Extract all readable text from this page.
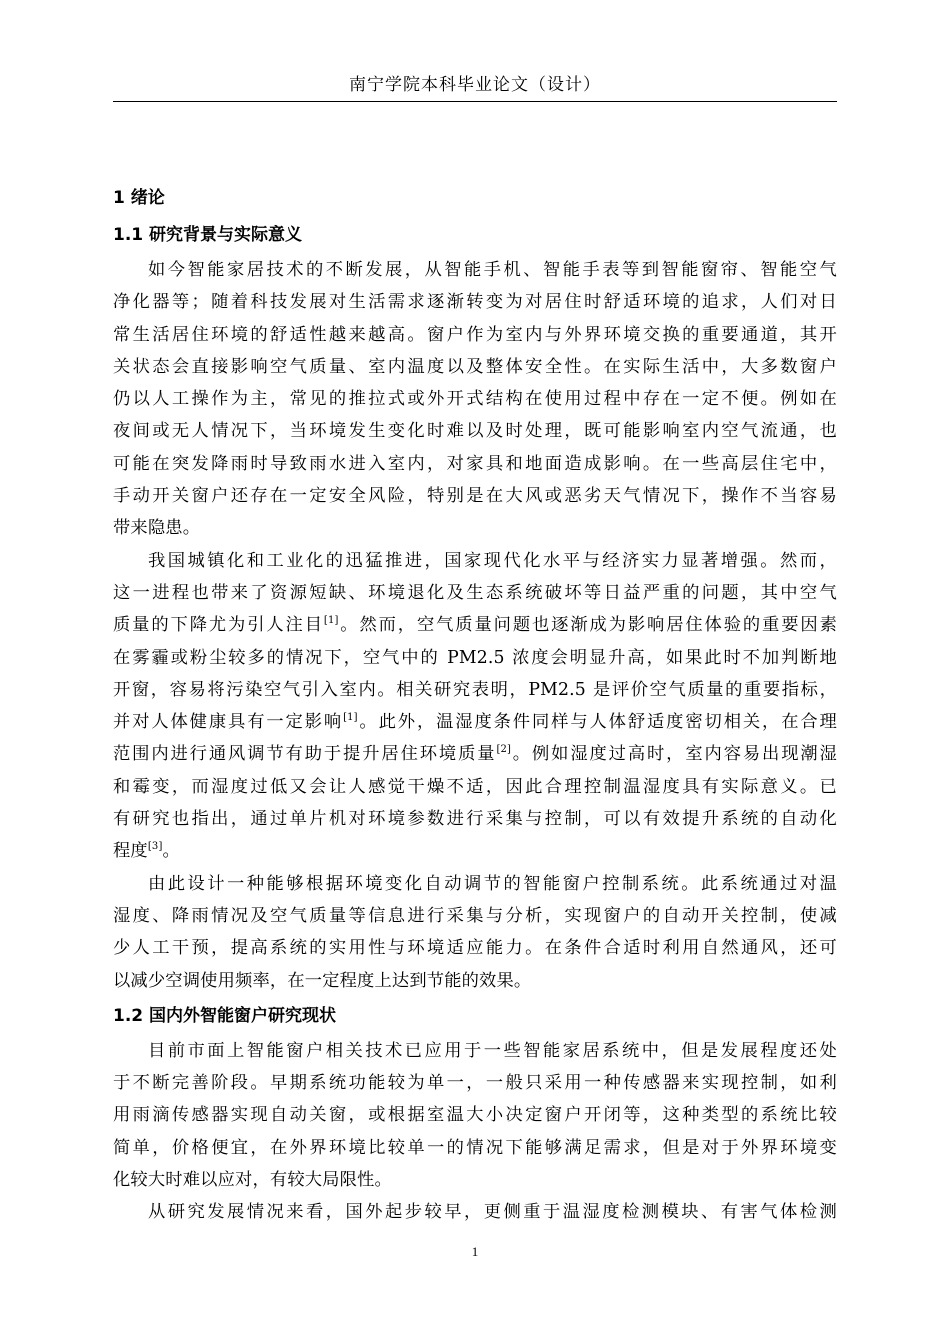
南宁学院本科毕业论文（设计）
1 绪论
1.1 研究背景与实际意义
如今智能家居技术的不断发展，从智能手机、智能手表等到智能窗帘、智能空气
净化器等；随着科技发展对生活需求逐渐转变为对居住时舒适环境的追求，人们对日
常生活居住环境的舒适性越来越高。窗户作为室内与外界环境交换的重要通道，其开
关状态会直接影响空气质量、室内温度以及整体安全性。在实际生活中，大多数窗户
仍以人工操作为主，常见的推拉式或外开式结构在使用过程中存在一定不便。例如在
夜间或无人情况下，当环境发生变化时难以及时处理，既可能影响室内空气流通，也
可能在突发降雨时导致雨水进入室内，对家具和地面造成影响。在一些高层住宅中，
手动开关窗户还存在一定安全风险，特别是在大风或恶劣天气情况下，操作不当容易
带来隐患。
我国城镇化和工业化的迅猛推进，国家现代化水平与经济实力显著增强。然而，
这一进程也带来了资源短缺、环境退化及生态系统破坏等日益严重的问题，其中空气
质量的下降尤为引人注目[1]。然而，空气质量问题也逐渐成为影响居住体验的重要因素
在雾霾或粉尘较多的情况下，空气中的 PM2.5 浓度会明显升高，如果此时不加判断地
开窗，容易将污染空气引入室内。相关研究表明，PM2.5 是评价空气质量的重要指标，
并对人体健康具有一定影响[1]。此外，温湿度条件同样与人体舒适度密切相关，在合理
范围内进行通风调节有助于提升居住环境质量[2]。例如湿度过高时，室内容易出现潮湿
和霉变，而湿度过低又会让人感觉干燥不适，因此合理控制温湿度具有实际意义。已
有研究也指出，通过单片机对环境参数进行采集与控制，可以有效提升系统的自动化
程度[3]。
由此设计一种能够根据环境变化自动调节的智能窗户控制系统。此系统通过对温
湿度、降雨情况及空气质量等信息进行采集与分析，实现窗户的自动开关控制，使减
少人工干预，提高系统的实用性与环境适应能力。在条件合适时利用自然通风，还可
以减少空调使用频率，在一定程度上达到节能的效果。
1.2 国内外智能窗户研究现状
目前市面上智能窗户相关技术已应用于一些智能家居系统中，但是发展程度还处
于不断完善阶段。早期系统功能较为单一，一般只采用一种传感器来实现控制，如利
用雨滴传感器实现自动关窗，或根据室温大小决定窗户开闭等，这种类型的系统比较
简单，价格便宜，在外界环境比较单一的情况下能够满足需求，但是对于外界环境变
化较大时难以应对，有较大局限性。
从研究发展情况来看，国外起步较早，更侧重于温湿度检测模块、有害气体检测
1
